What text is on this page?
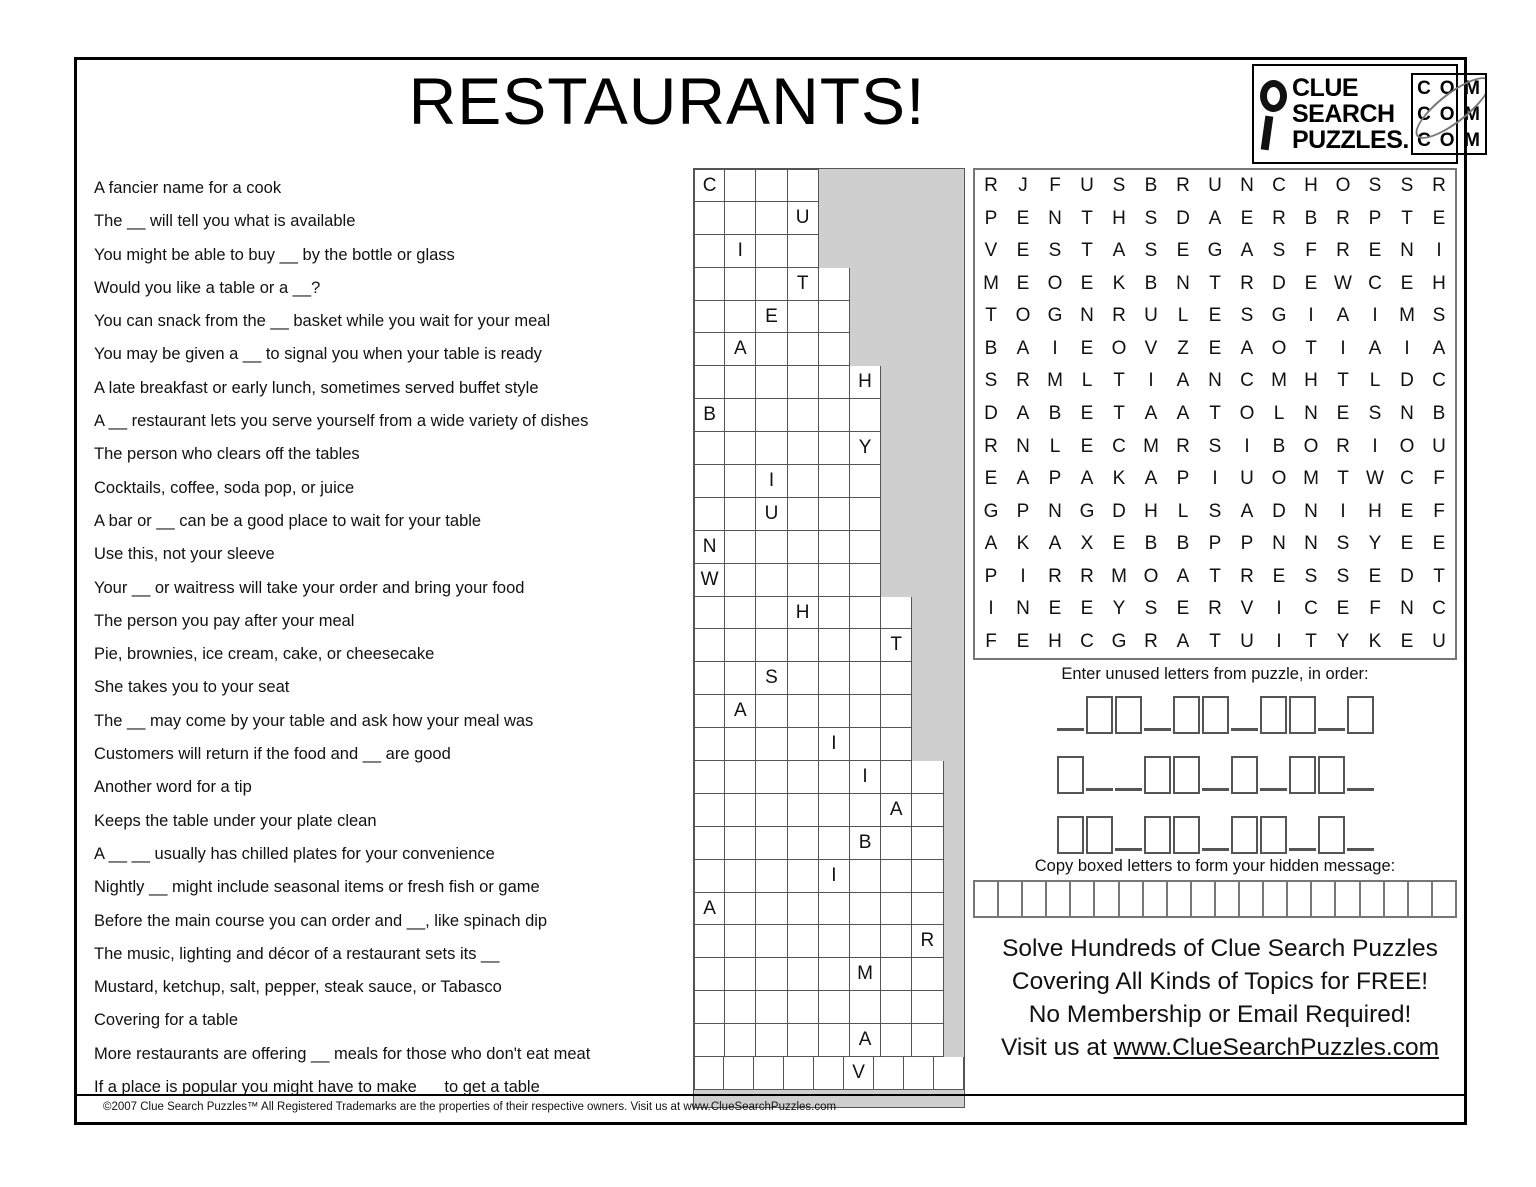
RESTAURANTS!	CLUE
SEARCH
PUZZLES.
C	O	M
C	O	M
C	O	M
A fancier name for a cook
The __ will tell you what is available
You might be able to buy __ by the bottle or glass
Would you like a table or a __?
You can snack from the __ basket while you wait for your meal
You may be given a __ to signal you when your table is ready
A late breakfast or early lunch, sometimes served buffet style
A __ restaurant lets you serve yourself from a wide variety of dishes
The person who clears off the tables
Cocktails, coffee, soda pop, or juice
A bar or __ can be a good place to wait for your table
Use this, not your sleeve
Your __ or waitress will take your order and bring your food
The person you pay after your meal
Pie, brownies, ice cream, cake, or cheesecake
She takes you to your seat
The __ may come by your table and ask how your meal was
Customers will return if the food and __ are good
Another word for a tip
Keeps the table under your plate clean
A __ __ usually has chilled plates for your convenience
Nightly __ might include seasonal items or fresh fish or game
Before the main course you can order and __, like spinach dip
The music, lighting and décor of a restaurant sets its __
Mustard, ketchup, salt, pepper, steak sauce, or Tabasco
Covering for a table
More restaurants are offering __ meals for those who don't eat meat
If a place is popular you might have to make __ to get a table
C
U
I
T
E
A
H
B
Y
I
U
N
W
H
T
S
A
I
I
A
B
I
A
R
M
A
V
R	J	F	U	S	B	R	U	N	C	H	O	S	S	R
P	E	N	T	H	S	D	A	E	R	B	R	P	T	E
V	E	S	T	A	S	E	G	A	S	F	R	E	N	I
M	E	O	E	K	B	N	T	R	D	E	W	C	E	H
T	O	G	N	R	U	L	E	S	G	I	A	I	M	S
B	A	I	E	O	V	Z	E	A	O	T	I	A	I	A
S	R	M	L	T	I	A	N	C	M	H	T	L	D	C
D	A	B	E	T	A	A	T	O	L	N	E	S	N	B
R	N	L	E	C	M	R	S	I	B	O	R	I	O	U
E	A	P	A	K	A	P	I	U	O	M	T	W	C	F
G	P	N	G	D	H	L	S	A	D	N	I	H	E	F
A	K	A	X	E	B	B	P	P	N	N	S	Y	E	E
P	I	R	R	M	O	A	T	R	E	S	S	E	D	T
I	N	E	E	Y	S	E	R	V	I	C	E	F	N	C
F	E	H	C	G	R	A	T	U	I	T	Y	K	E	U
Enter unused letters from puzzle, in order:
Copy boxed letters to form your hidden message:
Solve Hundreds of Clue Search Puzzles
Covering All Kinds of Topics for FREE!
No Membership or Email Required!
Visit us at www.ClueSearchPuzzles.com
©2007 Clue Search Puzzles™ All Registered Trademarks are the properties of their respective owners. Visit us at www.ClueSearchPuzzles.com
